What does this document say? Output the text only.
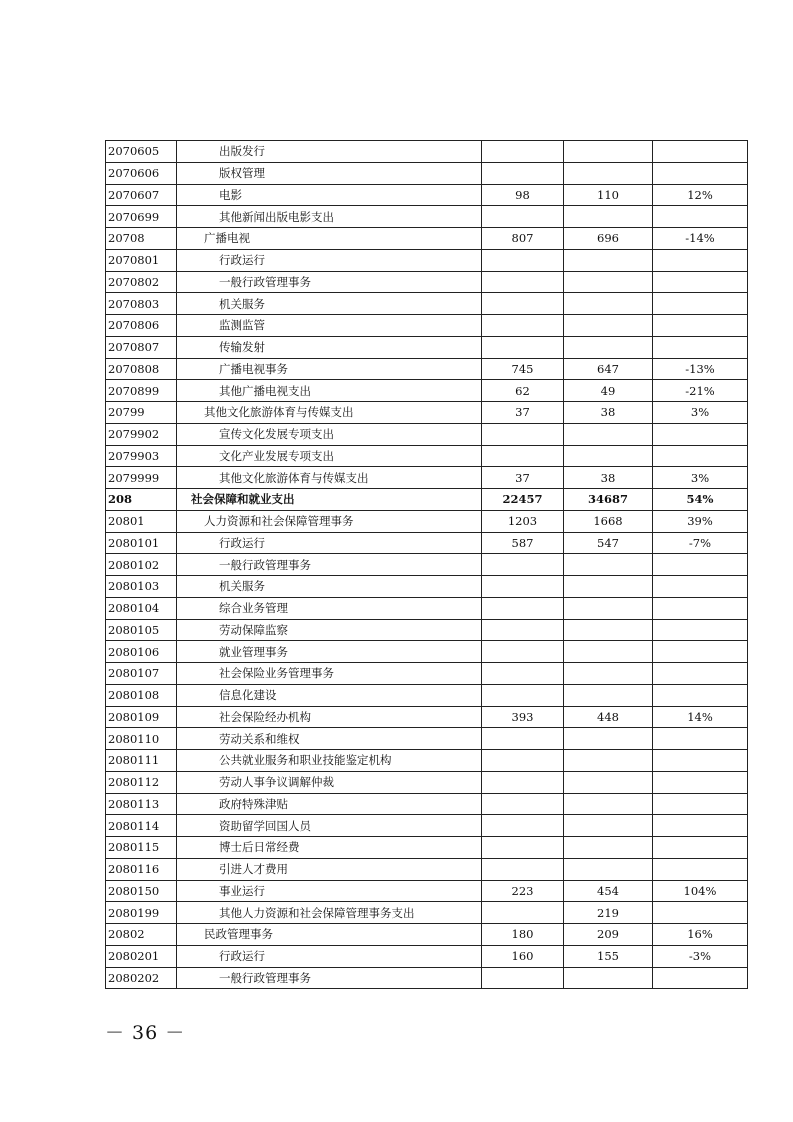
2070605	出版发行			
2070606	版权管理			
2070607	电影	98	110	12%
2070699	其他新闻出版电影支出			
20708	广播电视	807	696	-14%
2070801	行政运行			
2070802	一般行政管理事务			
2070803	机关服务			
2070806	监测监管			
2070807	传输发射			
2070808	广播电视事务	745	647	-13%
2070899	其他广播电视支出	62	49	-21%
20799	其他文化旅游体育与传媒支出	37	38	3%
2079902	宣传文化发展专项支出			
2079903	文化产业发展专项支出			
2079999	其他文化旅游体育与传媒支出	37	38	3%
208	社会保障和就业支出	22457	34687	54%
20801	人力资源和社会保障管理事务	1203	1668	39%
2080101	行政运行	587	547	-7%
2080102	一般行政管理事务			
2080103	机关服务			
2080104	综合业务管理			
2080105	劳动保障监察			
2080106	就业管理事务			
2080107	社会保险业务管理事务			
2080108	信息化建设			
2080109	社会保险经办机构	393	448	14%
2080110	劳动关系和维权			
2080111	公共就业服务和职业技能鉴定机构			
2080112	劳动人事争议调解仲裁			
2080113	政府特殊津贴			
2080114	资助留学回国人员			
2080115	博士后日常经费			
2080116	引进人才费用			
2080150	事业运行	223	454	104%
2080199	其他人力资源和社会保障管理事务支出		219	
20802	民政管理事务	180	209	16%
2080201	行政运行	160	155	-3%
2080202	一般行政管理事务			
－ 36 －
